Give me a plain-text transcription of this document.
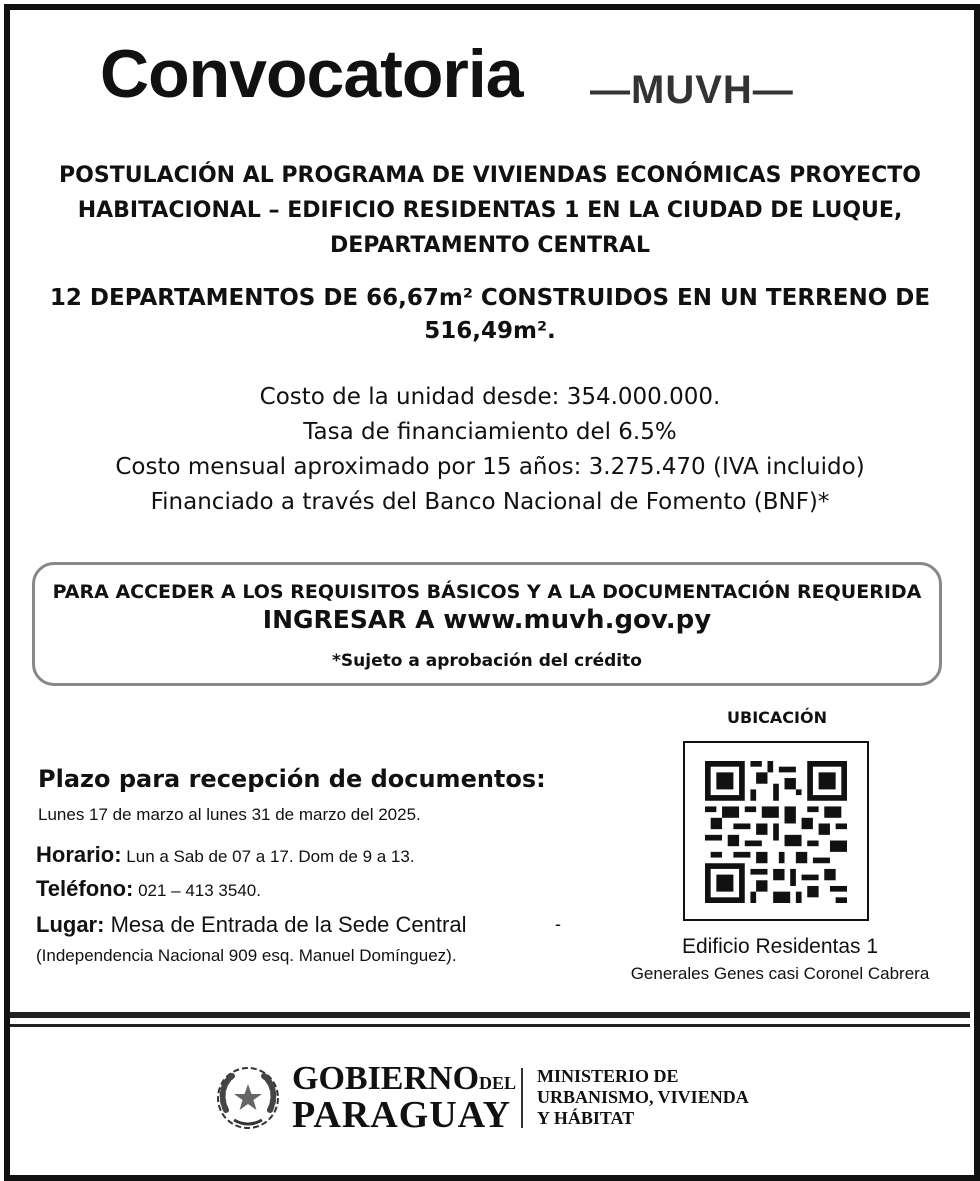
Convocatoria —MUVH—
POSTULACIÓN AL PROGRAMA DE VIVIENDAS ECONÓMICAS PROYECTO
HABITACIONAL – EDIFICIO RESIDENTAS 1 EN LA CIUDAD DE LUQUE,
DEPARTAMENTO CENTRAL
12 DEPARTAMENTOS DE 66,67m² CONSTRUIDOS EN UN TERRENO DE
516,49m².
Costo de la unidad desde: 354.000.000.
Tasa de financiamiento del 6.5%
Costo mensual aproximado por 15 años: 3.275.470 (IVA incluido)
Financiado a través del Banco Nacional de Fomento (BNF)*
PARA ACCEDER A LOS REQUISITOS BÁSICOS Y A LA DOCUMENTACIÓN REQUERIDA
INGRESAR A www.muvh.gov.py
*Sujeto a aprobación del crédito
Plazo para recepción de documentos:
Lunes 17 de marzo al lunes 31 de marzo del 2025.
Horario: Lun a Sab de 07 a 17. Dom de 9 a 13.
Teléfono: 021 – 413 3540.
Lugar: Mesa de Entrada de la Sede Central	-
(Independencia Nacional 909 esq. Manuel Domínguez).
UBICACIÓN
Edificio Residentas 1
Generales Genes casi Coronel Cabrera
GOBIERNODEL
PARAGUAY
MINISTERIO DE
URBANISMO, VIVIENDA
Y HÁBITAT
